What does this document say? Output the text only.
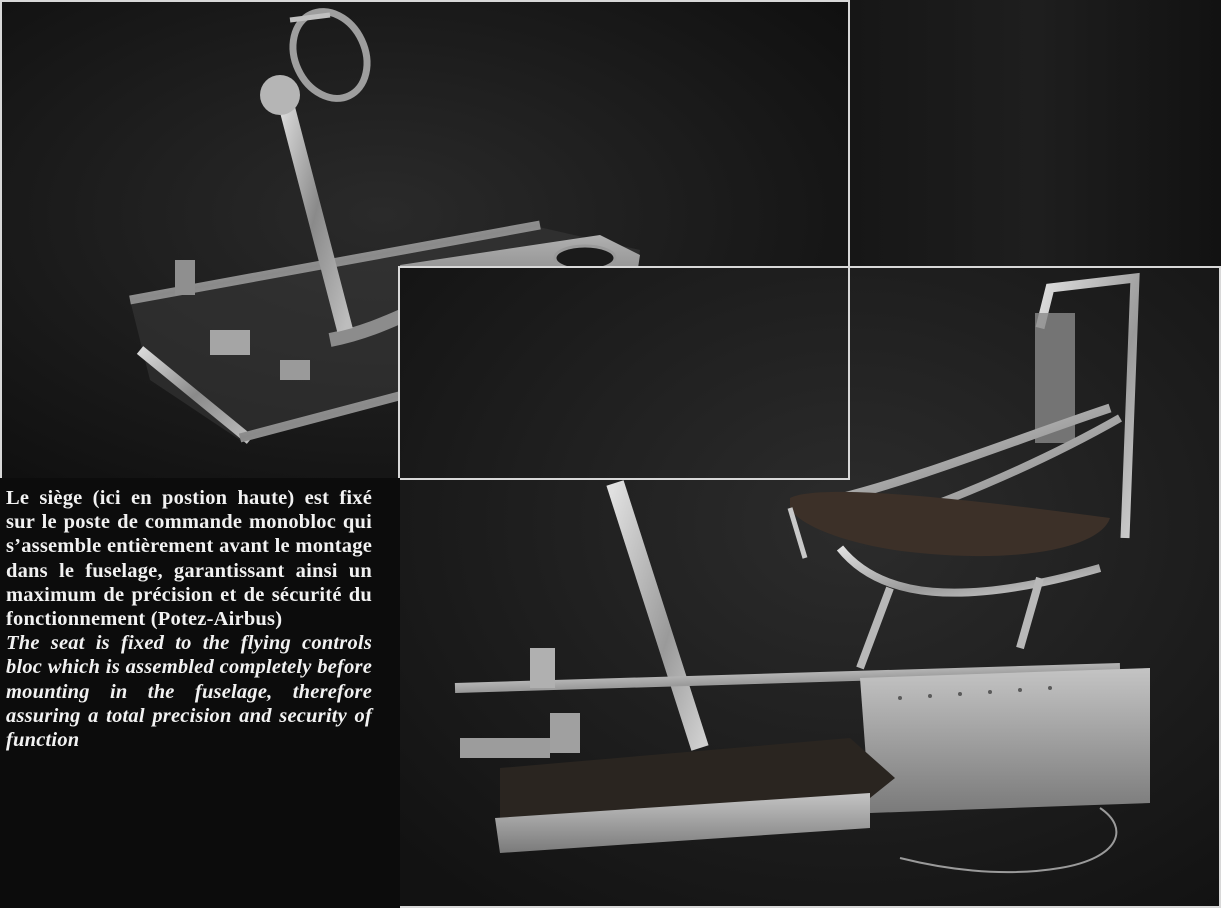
Le siège (ici en postion haute) est fixé sur le poste de commande monobloc qui s’assemble entièrement avant le montage dans le fuselage, garantissant ainsi un maximum de précision et de sécurité du fonctionnement (Potez-Airbus)

The seat is fixed to the flying controls bloc which is assembled completely before mounting in the fuselage, therefore assuring a total precision and security of function
